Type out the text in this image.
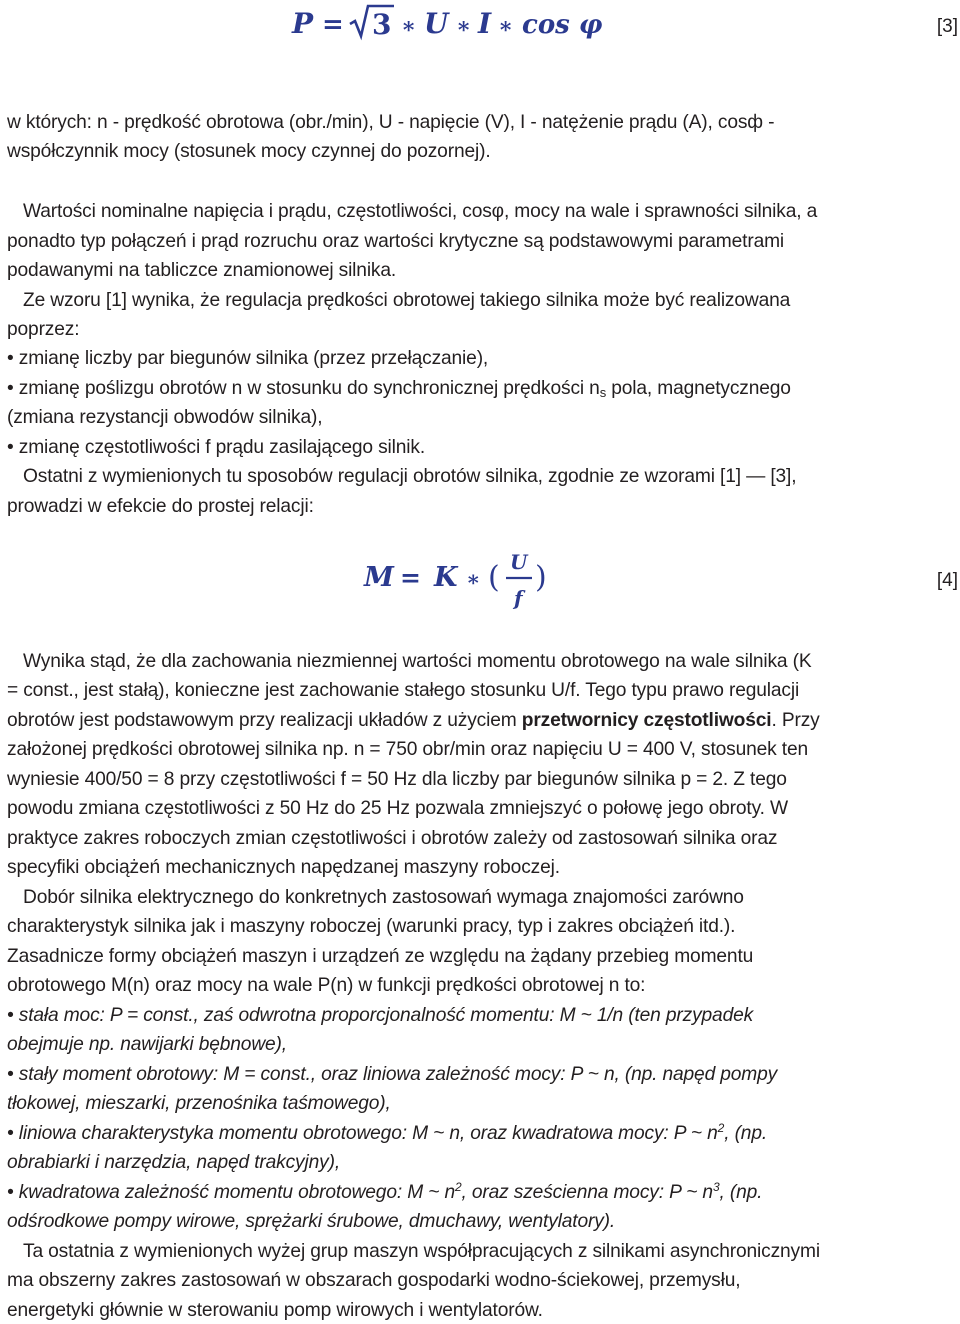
P = 3 ∗ U ∗ I ∗ cos φ	[3]
w których: n - prędkość obrotowa (obr./min), U - napięcie (V), I - natężenie prądu (A), cosф -
współczynnik mocy (stosunek mocy czynnej do pozornej).
Wartości nominalne napięcia i prądu, częstotliwości, cosφ, mocy na wale i sprawności silnika, a
ponadto typ połączeń i prąd rozruchu oraz wartości krytyczne są podstawowymi parametrami
podawanymi na tabliczce znamionowej silnika.
Ze wzoru [1] wynika, że regulacja prędkości obrotowej takiego silnika może być realizowana
poprzez:
• zmianę liczby par biegunów silnika (przez przełączanie),
• zmianę poślizgu obrotów n w stosunku do synchronicznej prędkości $n_s$ pola, magnetycznego
(zmiana rezystancji obwodów silnika),
• zmianę częstotliwości f prądu zasilającego silnik.
Ostatni z wymienionych tu sposobów regulacji obrotów silnika, zgodnie ze wzorami [1] — [3],
prowadzi w efekcie do prostej relacji:
M = K ∗ ( U
f
)	[4]
Wynika stąd, że dla zachowania niezmiennej wartości momentu obrotowego na wale silnika (K
= const., jest stałą), konieczne jest zachowanie stałego stosunku U/f. Tego typu prawo regulacji
obrotów jest podstawowym przy realizacji układów z użyciem przetwornicy częstotliwości. Przy
założonej prędkości obrotowej silnika np. n = 750 obr/min oraz napięciu U = 400 V, stosunek ten
wyniesie 400/50 = 8 przy częstotliwości f = 50 Hz dla liczby par biegunów silnika p = 2. Z tego
powodu zmiana częstotliwości z 50 Hz do 25 Hz pozwala zmniejszyć o połowę jego obroty. W
praktyce zakres roboczych zmian częstotliwości i obrotów zależy od zastosowań silnika oraz
specyfiki obciążeń mechanicznych napędzanej maszyny roboczej.
Dobór silnika elektrycznego do konkretnych zastosowań wymaga znajomości zarówno
charakterystyk silnika jak i maszyny roboczej (warunki pracy, typ i zakres obciążeń itd.).
Zasadnicze formy obciążeń maszyn i urządzeń ze względu na żądany przebieg momentu
obrotowego M(n) oraz mocy na wale P(n) w funkcji prędkości obrotowej n to:
• stała moc: P = const., zaś odwrotna proporcjonalność momentu: M ~ 1/n (ten przypadek
obejmuje np. nawijarki bębnowe),
• stały moment obrotowy: M = const., oraz liniowa zależność mocy: P ~ n, (np. napęd pompy
tłokowej, mieszarki, przenośnika taśmowego),
• liniowa charakterystyka momentu obrotowego: M ~ n, oraz kwadratowa mocy: P ~ $n^2$, (np.
obrabiarki i narzędzia, napęd trakcyjny),
• kwadratowa zależność momentu obrotowego: M ~ $n^2$, oraz sześcienna mocy: P ~ $n^3$, (np.
odśrodkowe pompy wirowe, sprężarki śrubowe, dmuchawy, wentylatory).
Ta ostatnia z wymienionych wyżej grup maszyn współpracujących z silnikami asynchronicznymi
ma obszerny zakres zastosowań w obszarach gospodarki wodno-ściekowej, przemysłu,
energetyki głównie w sterowaniu pomp wirowych i wentylatorów.
